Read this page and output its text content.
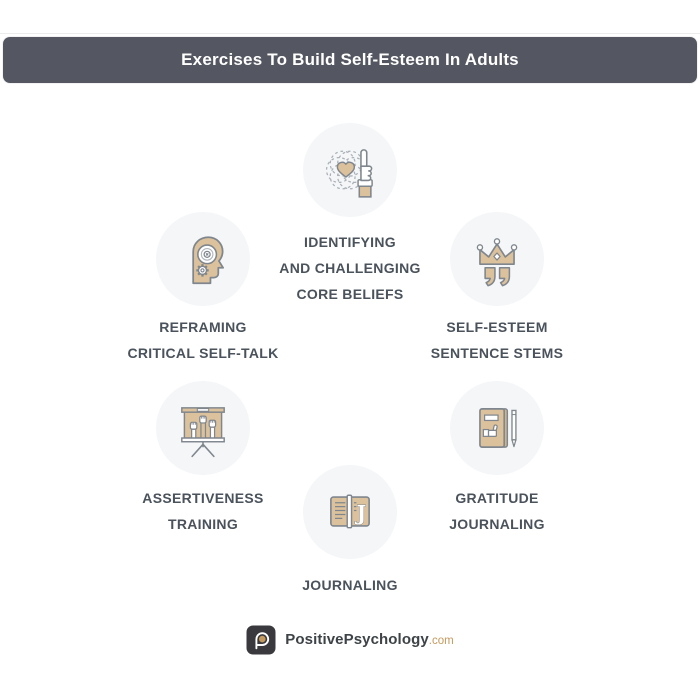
Exercises To Build Self-Esteem In Adults
IDENTIFYING
AND CHALLENGING
CORE BELIEFS
REFRAMING
CRITICAL SELF-TALK
SELF-ESTEEM
SENTENCE STEMS
ASSERTIVENESS
TRAINING
GRATITUDE
JOURNALING
J
JOURNALING
PositivePsychology.com
